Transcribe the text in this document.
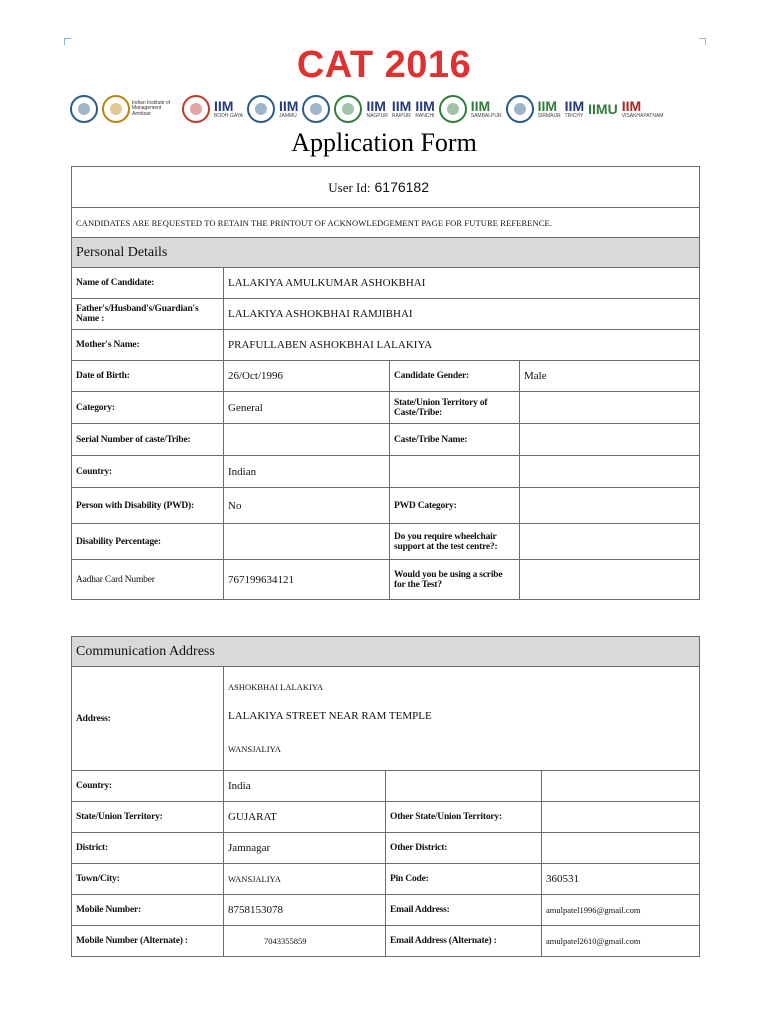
CAT 2016
Indian Institute of Management Amritsar	IIM
BODH GAYA
IIM
JAMMU
IIM
NAGPUR
IIM
RAIPUR
IIM
RANCHI
IIM
SAMBALPUR
IIM
SIRMAUR
IIM
TRICHY IIMU IIM
VISAKHAPATNAM
Application Form
User Id: 6176182			
CANDIDATES ARE REQUESTED TO RETAIN THE PRINTOUT OF ACKNOWLEDGEMENT PAGE FOR FUTURE REFERENCE.			
Personal Details			
Name of Candidate:	LALAKIYA AMULKUMAR ASHOKBHAI		
Father's/Husband's/Guardian's Name :	LALAKIYA ASHOKBHAI RAMJIBHAI		
Mother's Name:	PRAFULLABEN ASHOKBHAI LALAKIYA		
Date of Birth:	26/Oct/1996	Candidate Gender:	Male
Category:	General	State/Union Territory of Caste/Tribe:	
Serial Number of caste/Tribe:		Caste/Tribe Name:	
Country:	Indian		
Person with Disability (PWD):	No	PWD Category:	
Disability Percentage:		Do you require wheelchair support at the test centre?:	
Aadhar Card Number	767199634121	Would you be using a scribe for the Test?	
Communication Address			
Address:	ASHOKBHAI LALAKIYA
LALAKIYA STREET NEAR RAM TEMPLE
WANSJALIYA		

Country:	India		
State/Union Territory:	GUJARAT	Other State/Union Territory:	
District:	Jamnagar	Other District:	
Town/City:	WANSJALIYA	Pin Code:	360531
Mobile Number:	8758153078	Email Address:	amulpatel1996@gmail.com
Mobile Number (Alternate) :	7043355859	Email Address (Alternate) :	amulpatel2610@gmail.com
